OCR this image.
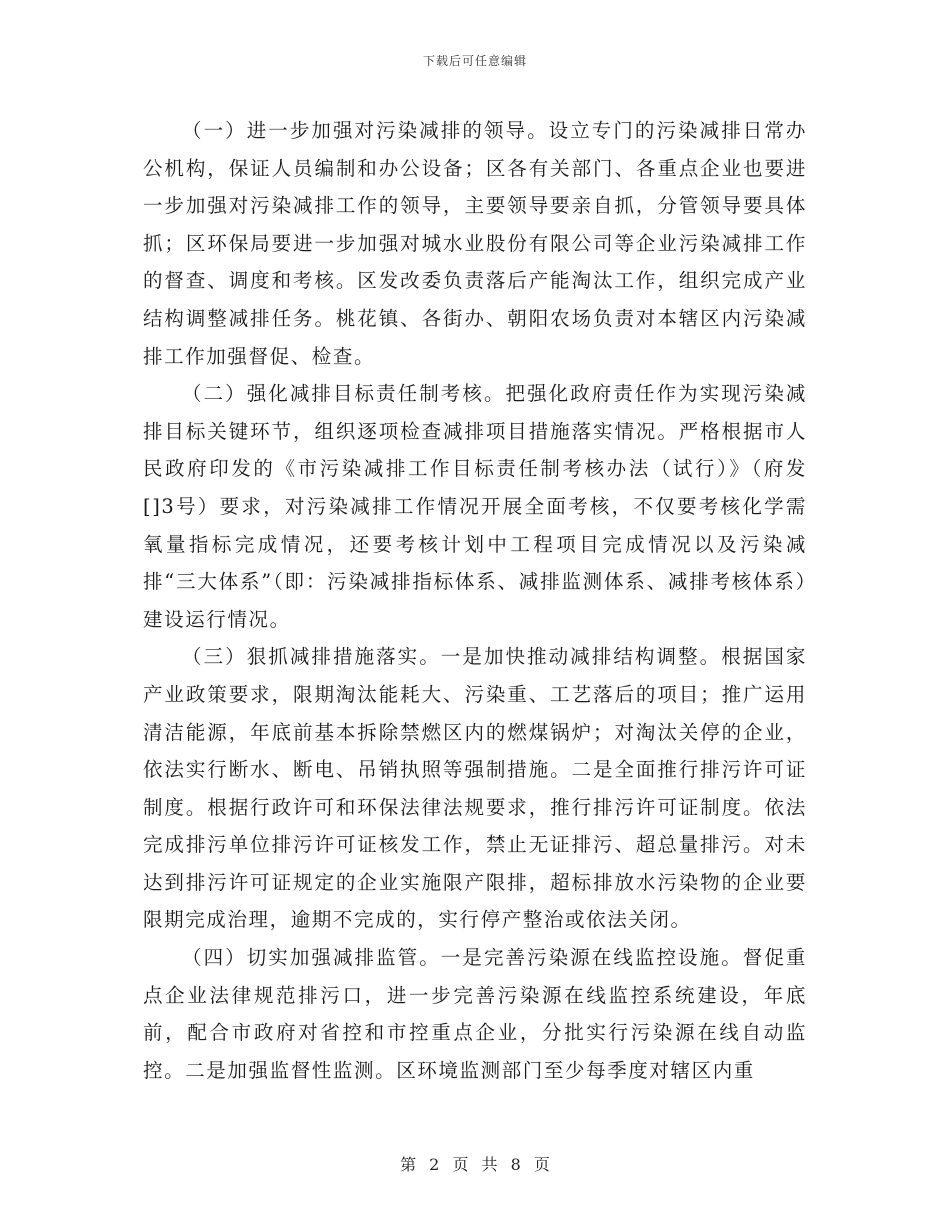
下载后可任意编辑

（一）进一步加强对污染减排的领导。设立专门的污染减排日常办公机构，保证人员编制和办公设备；区各有关部门、各重点企业也要进一步加强对污染减排工作的领导，主要领导要亲自抓，分管领导要具体抓；区环保局要进一步加强对城水业股份有限公司等企业污染减排工作的督查、调度和考核。区发改委负责落后产能淘汰工作，组织完成产业结构调整减排任务。桃花镇、各街办、朝阳农场负责对本辖区内污染减排工作加强督促、检查。

（二）强化减排目标责任制考核。把强化政府责任作为实现污染减排目标关键环节，组织逐项检查减排项目措施落实情况。严格根据市人民政府印发的《市污染减排工作目标责任制考核办法（试行）》（府发[]3号）要求，对污染减排工作情况开展全面考核，不仅要考核化学需氧量指标完成情况，还要考核计划中工程项目完成情况以及污染减排“三大体系”（即：污染减排指标体系、减排监测体系、减排考核体系）建设运行情况。

（三）狠抓减排措施落实。一是加快推动减排结构调整。根据国家产业政策要求，限期淘汰能耗大、污染重、工艺落后的项目；推广运用清洁能源，年底前基本拆除禁燃区内的燃煤锅炉；对淘汰关停的企业，依法实行断水、断电、吊销执照等强制措施。二是全面推行排污许可证制度。根据行政许可和环保法律法规要求，推行排污许可证制度。依法完成排污单位排污许可证核发工作，禁止无证排污、超总量排污。对未达到排污许可证规定的企业实施限产限排，超标排放水污染物的企业要限期完成治理，逾期不完成的，实行停产整治或依法关闭。

（四）切实加强减排监管。一是完善污染源在线监控设施。督促重点企业法律规范排污口，进一步完善污染源在线监控系统建设，年底前，配合市政府对省控和市控重点企业，分批实行污染源在线自动监控。二是加强监督性监测。区环境监测部门至少每季度对辖区内重

第 2 页 共 8 页
